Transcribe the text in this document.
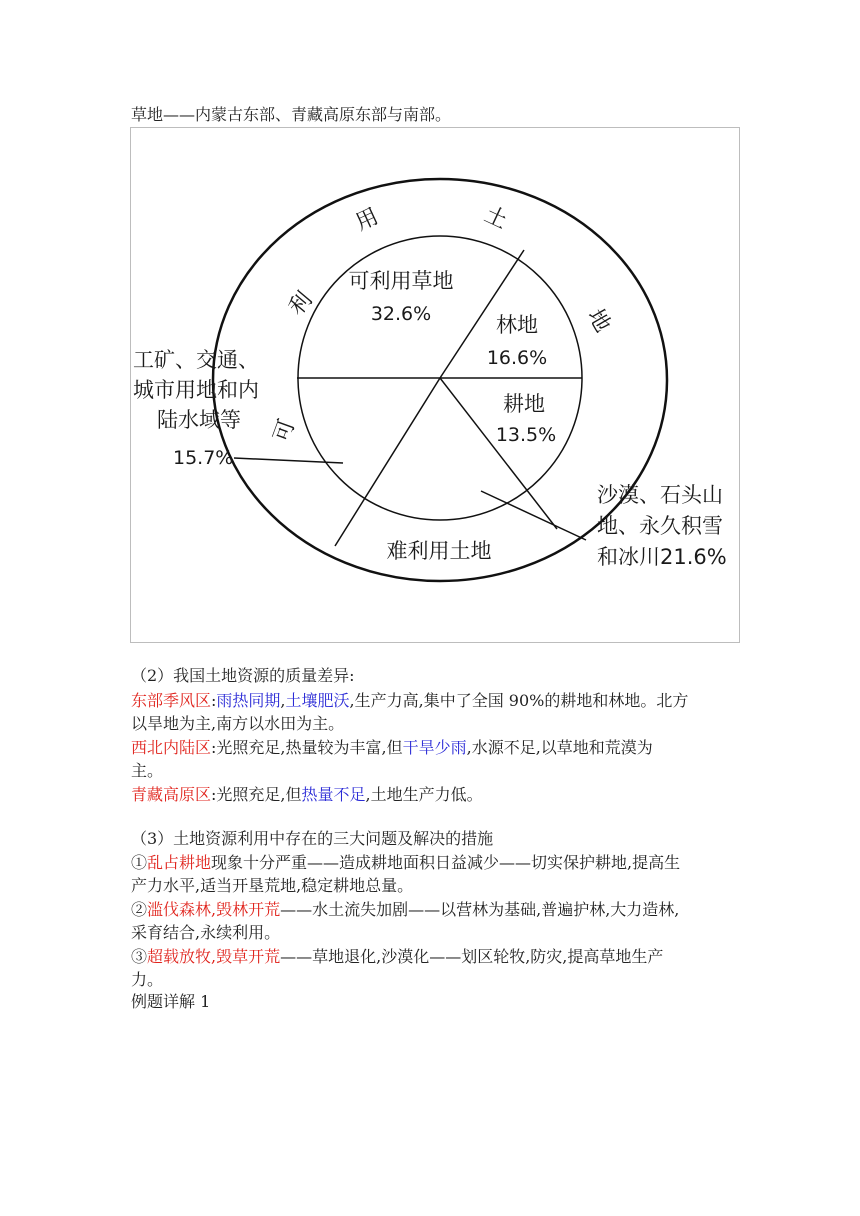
草地——内蒙古东部、青藏高原东部与南部。
可
利
用	土
地
可利用草地
32.6%	林地
16.6%
耕地
13.5%
工矿、交通、
城市用地和内
陆水域等
15.7%
沙漠、石头山
地、永久积雪
和冰川21.6%
难利用土地
（2）我国土地资源的质量差异:
东部季风区:雨热同期,土壤肥沃,生产力高,集中了全国 90%的耕地和林地。北方
以旱地为主,南方以水田为主。
西北内陆区:光照充足,热量较为丰富,但干旱少雨,水源不足,以草地和荒漠为
主。
青藏高原区:光照充足,但热量不足,土地生产力低。
（3）土地资源利用中存在的三大问题及解决的措施
①乱占耕地现象十分严重——造成耕地面积日益减少——切实保护耕地,提高生
产力水平,适当开垦荒地,稳定耕地总量。
②滥伐森林,毁林开荒——水土流失加剧——以营林为基础,普遍护林,大力造林,
采育结合,永续利用。
③超载放牧,毁草开荒——草地退化,沙漠化——划区轮牧,防灾,提高草地生产
力。
例题详解 1
